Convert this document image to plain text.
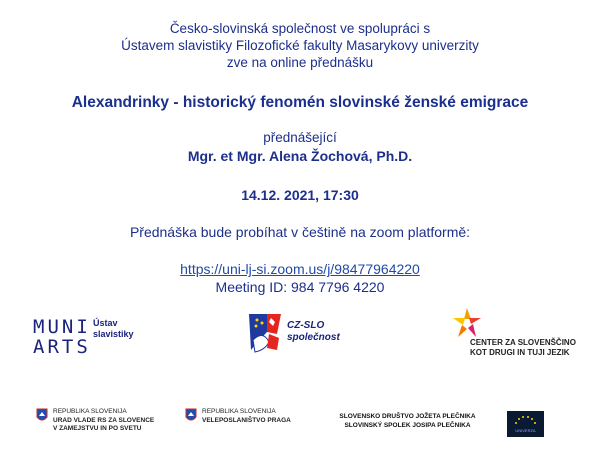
Česko-slovinská společnost ve spolupráci s
Ústavem slavistiky Filozofické fakulty Masarykovy univerzity
zve na online přednášku
Alexandrinky - historický fenomén slovinské ženské emigrace
přednášející
Mgr. et Mgr. Alena Žochová, Ph.D.
14.12. 2021, 17:30
Přednáška bude probíhat v češtině na zoom platformě:
https://uni-lj-si.zoom.us/j/98477964220
Meeting ID: 984 7796 4220
MUNI
ARTS
Ústav
slavistiky
CZ-SLO
společnost	CENTER ZA SLOVENŠČINO
KOT DRUGI IN TUJI JEZIK
REPUBLIKA SLOVENIJA
URAD VLADE RS ZA SLOVENCE
V ZAMEJSTVU IN PO SVETU
REPUBLIKA SLOVENIJA
VELEPOSLANIŠTVO PRAGA	SLOVENSKO DRUŠTVO JOŽETA PLEČNIKA
SLOVINSKÝ SPOLEK JOSIPA PLEČNIKA
UNIVERZA
